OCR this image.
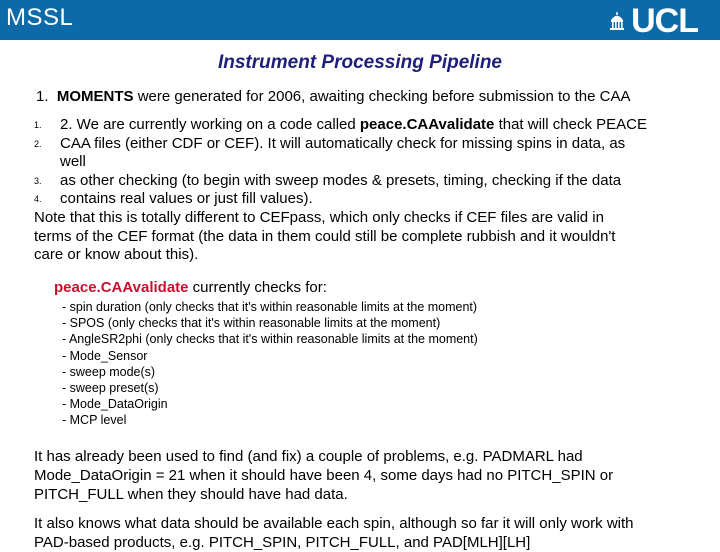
MSSL	UCL
Instrument Processing Pipeline
1. MOMENTS were generated for 2006, awaiting checking before submission to the CAA
1. 2. We are currently working on a code called peace.CAAvalidate that will check PEACE
2. CAA files (either CDF or CEF). It will automatically check for missing spins in data, as
well
3. as other checking (to begin with sweep modes & presets, timing, checking if the data
4. contains real values or just fill values).
Note that this is totally different to CEFpass, which only checks if CEF files are valid in
terms of the CEF format (the data in them could still be complete rubbish and it wouldn't
care or know about this).
peace.CAAvalidate currently checks for:
- spin duration (only checks that it's within reasonable limits at the moment)
- SPOS (only checks that it's within reasonable limits at the moment)
- AngleSR2phi (only checks that it's within reasonable limits at the moment)
- Mode_Sensor
- sweep mode(s)
- sweep preset(s)
- Mode_DataOrigin
- MCP level
It has already been used to find (and fix) a couple of problems, e.g. PADMARL had
Mode_DataOrigin = 21 when it should have been 4, some days had no PITCH_SPIN or
PITCH_FULL when they should have had data.
It also knows what data should be available each spin, although so far it will only work with
PAD-based products, e.g. PITCH_SPIN, PITCH_FULL, and PAD[MLH][LH]
